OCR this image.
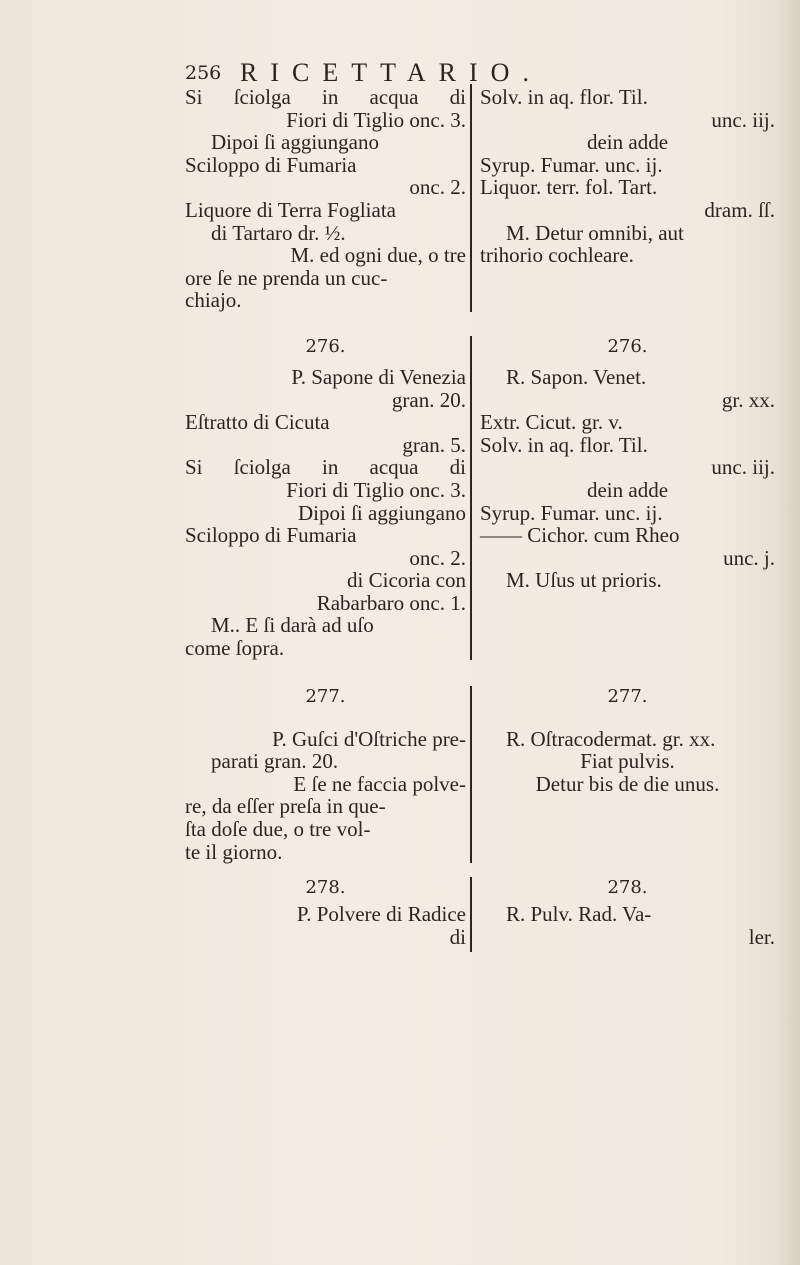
256 RICETTARIO.
Si ſciolga in acqua di
Fiori di Tiglio onc. 3.
Dipoi ſi aggiungano
Sciloppo di Fumaria
onc. 2.
Liquore di Terra Fogliata
di Tartaro dr. ½.
M. ed ogni due, o tre
ore ſe ne prenda un cuc-
chiajo.
Solv. in aq. flor. Til.
unc. iij.
dein adde
Syrup. Fumar. unc. ij.
Liquor. terr. fol. Tart.
dram. ſſ.
M. Detur omnibi, aut
trihorio cochleare.
276.
P. Sapone di Venezia
gran. 20.
Eſtratto di Cicuta
gran. 5.
Si ſciolga in acqua di
Fiori di Tiglio onc. 3.
Dipoi ſi aggiungano
Sciloppo di Fumaria
onc. 2.
di Cicoria con
Rabarbaro onc. 1.
M.. E ſi darà ad uſo
come ſopra.
276.
R. Sapon. Venet.
gr. xx.
Extr. Cicut. gr. v.
Solv. in aq. flor. Til.
unc. iij.
dein adde
Syrup. Fumar. unc. ij.
—— Cichor. cum Rheo
unc. j.
M. Uſus ut prioris.
277.
P. Guſci d'Oſtriche pre-
parati gran. 20.
E ſe ne faccia polve-
re, da eſſer preſa in que-
ſta doſe due, o tre vol-
te il giorno.
277.
R. Oſtracodermat. gr. xx.
Fiat pulvis.
Detur bis de die unus.
278.
P. Polvere di Radice
di
278.
R. Pulv. Rad. Va-
ler.
